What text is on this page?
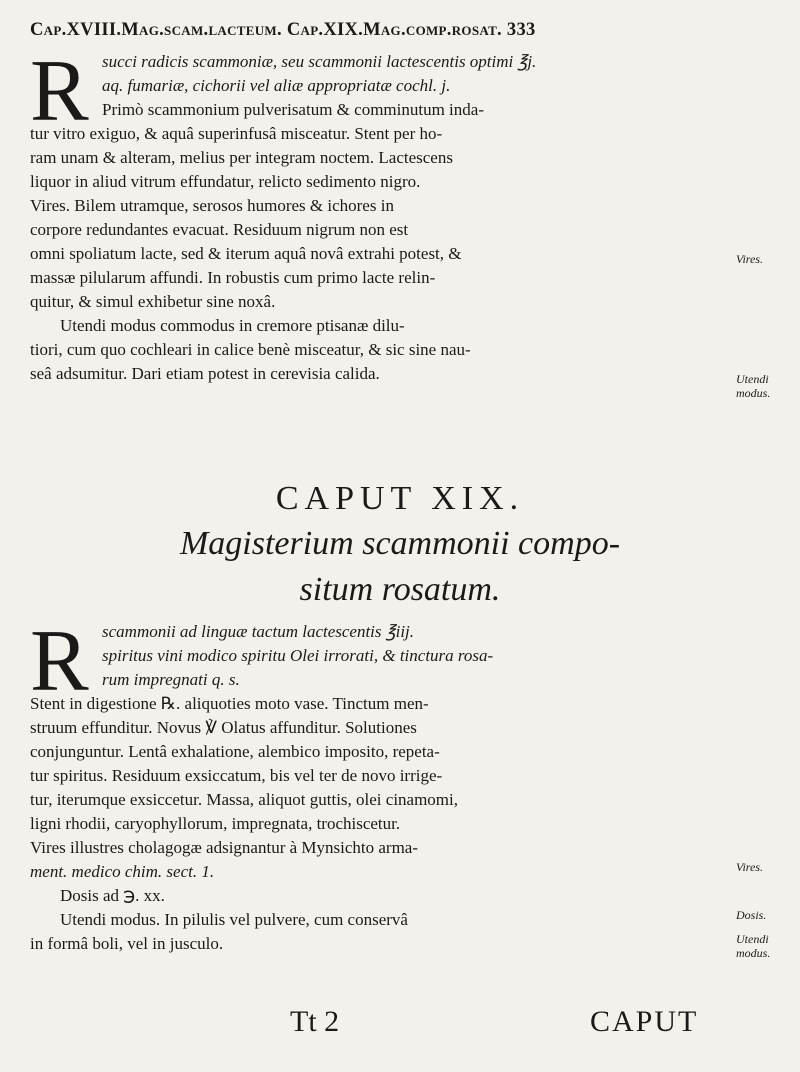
Cap.XVIII.Mag.scam.lacteum. Cap.XIX.Mag.comp.rosat. 333
R succi radicis scammoniæ, seu scammonii lactescentis optimi ℥j.
aq. fumariæ, cichorii vel aliæ appropriatæ cochl. j.
Primò scammonium pulverisatum & comminutum inda-
tur vitro exiguo, & aquâ superinfusâ misceatur. Stent per ho-
ram unam & alteram, melius per integram noctem. Lactescens
liquor in aliud vitrum effundatur, relicto sedimento nigro.
Vires. Bilem utramque, serosos humores & ichores in
corpore redundantes evacuat. Residuum nigrum non est
omni spoliatum lacte, sed & iterum aquâ novâ extrahi potest, &
massæ pilularum affundi. In robustis cum primo lacte relin-
quitur, & simul exhibetur sine noxâ.
Utendi modus commodus in cremore ptisanæ dilu-
tiori, cum quo cochleari in calice benè misceatur, & sic sine nau-
seâ adsumitur. Dari etiam potest in cerevisia calida.
Vires.
Utendi modus.
CAPUT XIX.
Magisterium scammonii compo-
situm rosatum.
R scammonii ad linguæ tactum lactescentis ℥iij.
spiritus vini modico spiritu Olei irrorati, & tinctura rosa-
rum impregnati q. s.
Stent in digestione ℞. aliquoties moto vase. Tinctum men-
struum effunditur. Novus ℣ Olatus affunditur. Solutiones
conjunguntur. Lentâ exhalatione, alembico imposito, repeta-
tur spiritus. Residuum exsiccatum, bis vel ter de novo irrige-
tur, iterumque exsiccetur. Massa, aliquot guttis, olei cinamomi,
ligni rhodii, caryophyllorum, impregnata, trochiscetur.
Vires illustres cholagogæ adsignantur à Mynsichto arma-
ment. medico chim. sect. 1.
Dosis ad ℈. xx.
Utendi modus. In pilulis vel pulvere, cum conservâ
in formâ boli, vel in jusculo.
Vires.
Dosis.
Utendi modus.
Tt 2	CAPUT
